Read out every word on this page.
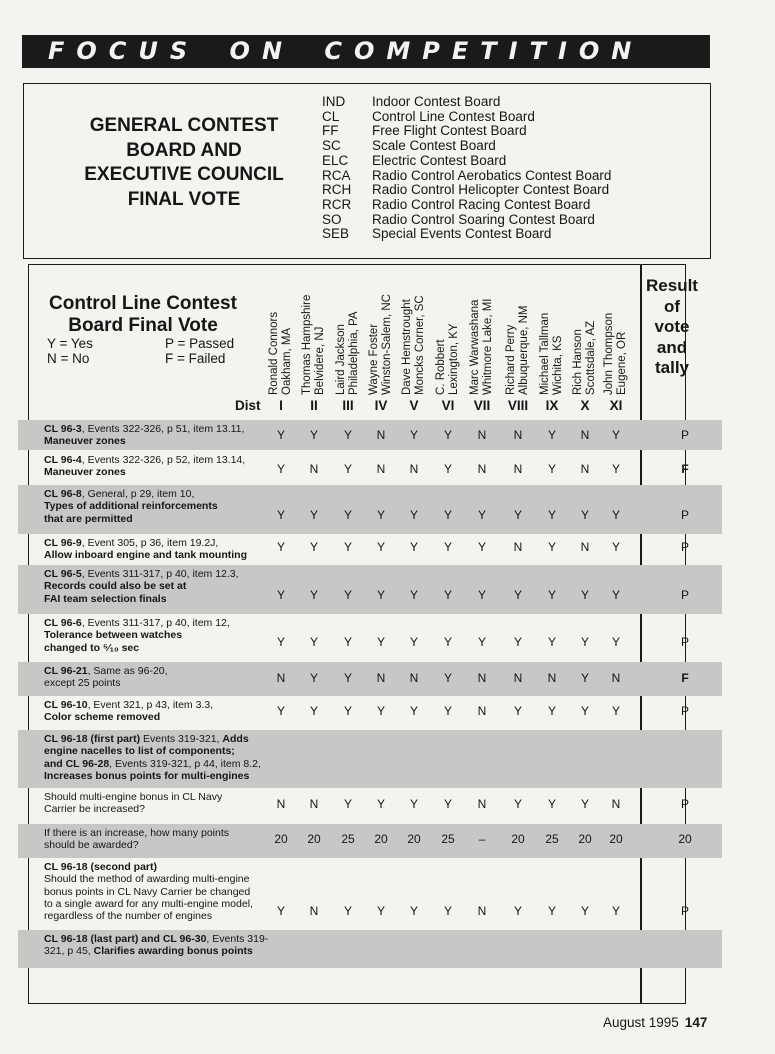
FOCUS ON COMPETITION
GENERAL CONTEST
BOARD AND
EXECUTIVE COUNCIL
FINAL VOTE
IND Indoor Contest Board
CL Control Line Contest Board
FF Free Flight Contest Board
SC Scale Contest Board
ELC Electric Contest Board
RCA Radio Control Aerobatics Contest Board
RCH Radio Control Helicopter Contest Board
RCR Radio Control Racing Contest Board
SO Radio Control Soaring Contest Board
SEB Special Events Contest Board
CL 96-3, Events 322-326, p 51, item 13.11,
Maneuver zones	Y	Y	Y	N	Y	Y	N	N	Y	N	Y	P
CL 96-4, Events 322-326, p 52, item 13.14,
Maneuver zones	Y	N	Y	N	N	Y	N	N	Y	N	Y	F
CL 96-8, General, p 29, item 10,
Types of additional reinforcements
that are permitted	Y	Y	Y	Y	Y	Y	Y	Y	Y	Y	Y	P
CL 96-9, Event 305, p 36, item 19.2J,
Allow inboard engine and tank mounting
Y	Y	Y	Y	Y	Y	Y	N	Y	N	Y	P
CL 96-5, Events 311-317, p 40, item 12.3,
Records could also be set at
FAI team selection finals	Y	Y	Y	Y	Y	Y	Y	Y	Y	Y	Y	P
CL 96-6, Events 311-317, p 40, item 12,
Tolerance between watches
changed to ⁵⁄₁₀ sec	Y	Y	Y	Y	Y	Y	Y	Y	Y	Y	Y	P
CL 96-21, Same as 96-20,
except 25 points	N	Y	Y	N	N	Y	N	N	N	Y	N	F
CL 96-10, Event 321, p 43, item 3.3,
Color scheme removed	Y	Y	Y	Y	Y	Y	N	Y	Y	Y	Y	P
CL 96-18 (first part) Events 319-321, Adds
engine nacelles to list of components;
and CL 96-28, Events 319-321, p 44, item 8.2,
Increases bonus points for multi-engines
Should multi-engine bonus in CL Navy
Carrier be increased?	N	N	Y	Y	Y	Y	N	Y	Y	Y	N	P
If there is an increase, how many points
should be awarded?	20	20	25	20	20	25	–	20	25	20	20	20
CL 96-18 (second part)
Should the method of awarding multi-engine
bonus points in CL Navy Carrier be changed
to a single award for any multi-engine model,
regardless of the number of engines	Y	N	Y	Y	Y	Y	N	Y	Y	Y	Y	P
CL 96-18 (last part) and CL 96-30, Events 319-
321, p 45, Clarifies awarding bonus points
Control Line Contest
Board Final Vote
Y = Yes	P = Passed
N = No	F = Failed
Result
of
vote
and
tally
Ronald Connors Oakham, MA
I
Thomas Hampshire Belvidere, NJ
II
Laird Jackson Philadelphia, PA
III
Wayne Foster Winston-Salem, NC
IV
Dave Hemstrought Moncks Corner, SC
V
C. Robbert Lexington, KY
VI
Marc Warwashana Whitmore Lake, MI
VII
Richard Perry Albuquerque, NM
VIII
Michael Tallman Wichita, KS
IX
Rich Hanson Scottsdale, AZ
X
John Thompson Eugene, OR
XI
Dist
August 1995 147
